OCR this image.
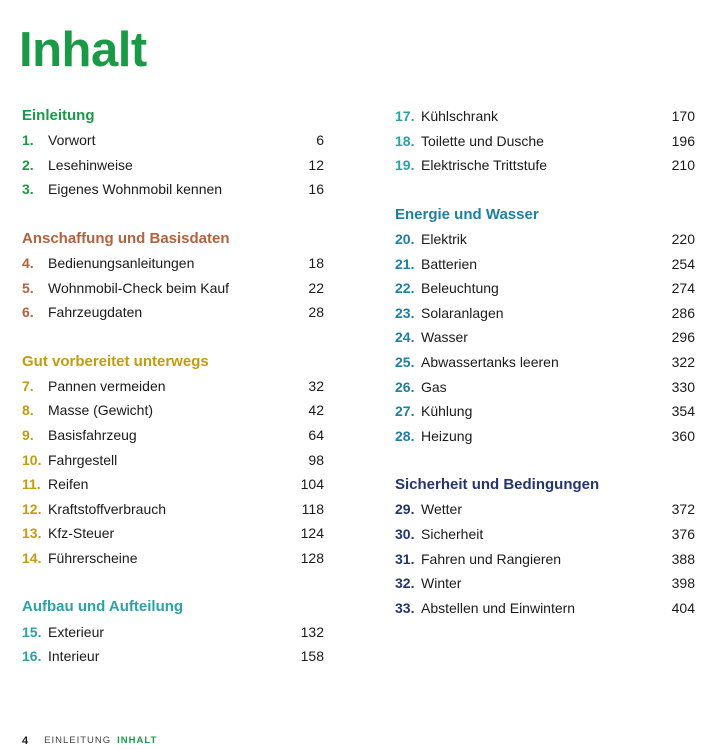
Inhalt
Einleitung
1.	Vorwort	6
2.	Lesehinweise	12
3.	Eigenes Wohnmobil kennen	16
Anschaffung und Basisdaten
4.	Bedienungsanleitungen	18
5.	Wohnmobil-Check beim Kauf	22
6.	Fahrzeugdaten	28
Gut vorbereitet unterwegs
7.	Pannen vermeiden	32
8.	Masse (Gewicht)	42
9.	Basisfahrzeug	64
10. Fahrgestell	98
11. Reifen	104
12. Kraftstoffverbrauch	118
13. Kfz-Steuer	124
14. Führerscheine	128
Aufbau und Aufteilung
15. Exterieur	132
16. Interieur	158
17. Kühlschrank	170
18. Toilette und Dusche	196
19. Elektrische Trittstufe	210
Energie und Wasser
20. Elektrik	220
21. Batterien	254
22. Beleuchtung	274
23. Solaranlagen	286
24. Wasser	296
25. Abwassertanks leeren	322
26. Gas	330
27. Kühlung	354
28. Heizung	360
Sicherheit und Bedingungen
29. Wetter	372
30. Sicherheit	376
31. Fahren und Rangieren	388
32. Winter	398
33. Abstellen und Einwintern	404
4 EINLEITUNG INHALT
